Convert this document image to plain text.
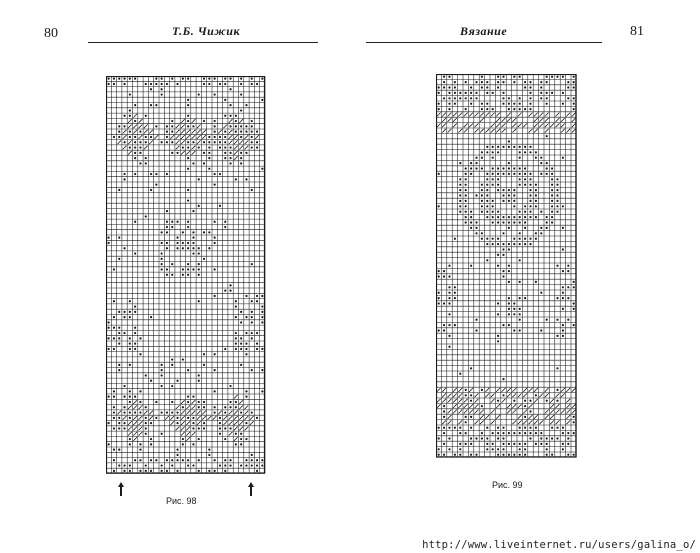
80	Т.Б. Чижик	Вязание	81
Рис. 98
Рис. 99
http://www.liveinternet.ru/users/galina_o/
